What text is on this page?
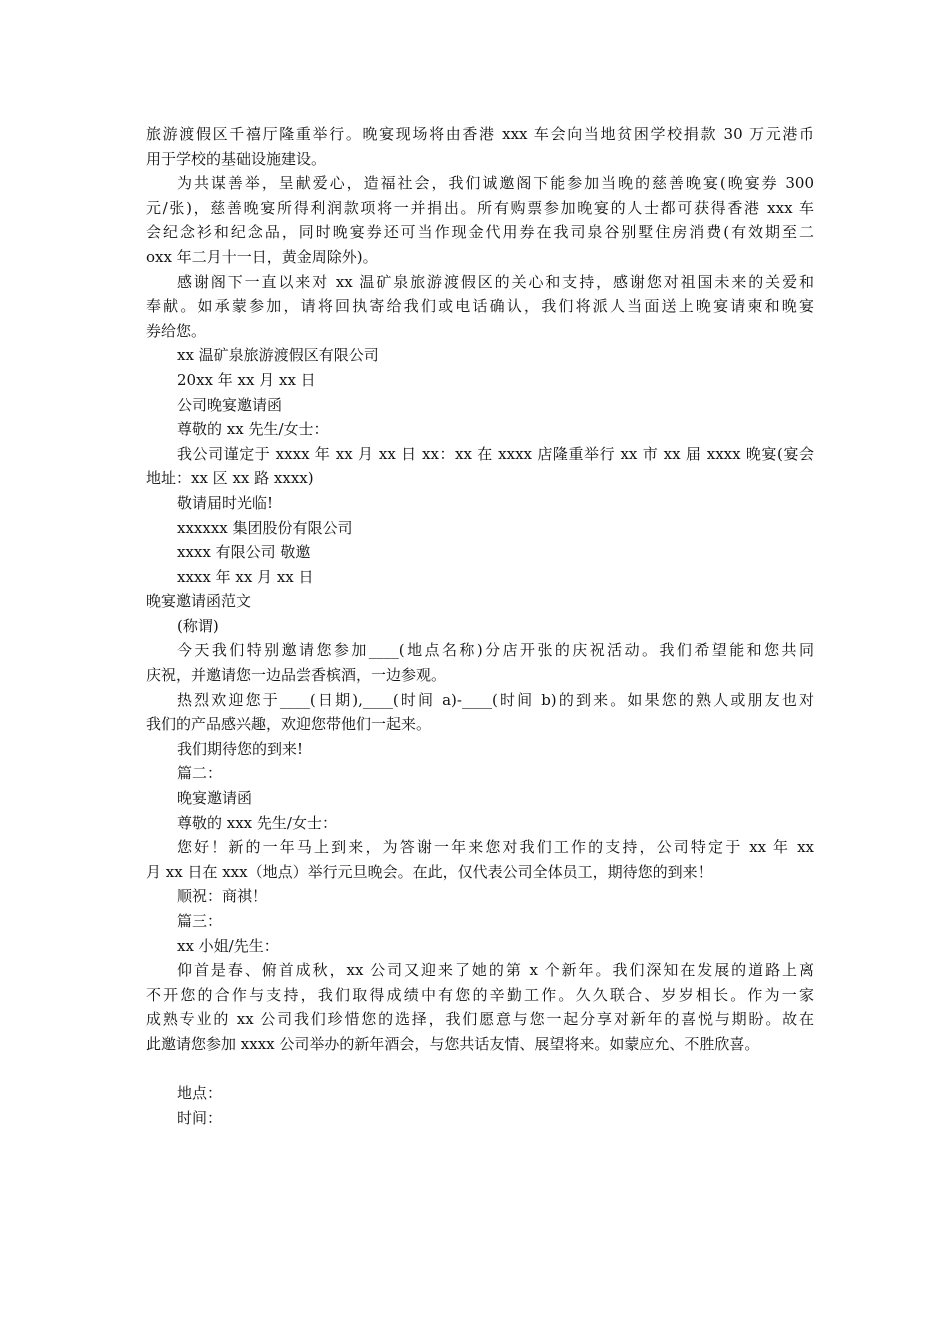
旅游渡假区千禧厅隆重举行。晚宴现场将由香港 xxx 车会向当地贫困学校捐款 30 万元港币
用于学校的基础设施建设。
为共谋善举，呈献爱心，造福社会，我们诚邀阁下能参加当晚的慈善晚宴(晚宴券 300
元/张)，慈善晚宴所得利润款项将一并捐出。所有购票参加晚宴的人士都可获得香港 xxx 车
会纪念衫和纪念品，同时晚宴券还可当作现金代用券在我司泉谷别墅住房消费(有效期至二
oxx 年二月十一日，黄金周除外)。
感谢阁下一直以来对 xx 温矿泉旅游渡假区的关心和支持，感谢您对祖国未来的关爱和
奉献。如承蒙参加，请将回执寄给我们或电话确认，我们将派人当面送上晚宴请柬和晚宴
券给您。
xx 温矿泉旅游渡假区有限公司
20xx 年 xx 月 xx 日
公司晚宴邀请函
尊敬的 xx 先生/女士：
我公司谨定于 xxxx 年 xx 月 xx 日 xx：xx 在 xxxx 店隆重举行 xx 市 xx 届 xxxx 晚宴(宴会
地址：xx 区 xx 路 xxxx)
敬请届时光临!
xxxxxx 集团股份有限公司
xxxx 有限公司 敬邀
xxxx 年 xx 月 xx 日
晚宴邀请函范文
(称谓)
今天我们特别邀请您参加____(地点名称)分店开张的庆祝活动。我们希望能和您共同
庆祝，并邀请您一边品尝香槟酒，一边参观。
热烈欢迎您于____(日期),____(时间 a)-____(时间 b)的到来。如果您的熟人或朋友也对
我们的产品感兴趣，欢迎您带他们一起来。
我们期待您的到来!
篇二：
晚宴邀请函
尊敬的 xxx 先生/女士：
您好！新的一年马上到来，为答谢一年来您对我们工作的支持，公司特定于 xx 年 xx
月 xx 日在 xxx（地点）举行元旦晚会。在此，仅代表公司全体员工，期待您的到来！
顺祝：商祺！
篇三：
xx 小姐/先生：
仰首是春、俯首成秋，xx 公司又迎来了她的第 x 个新年。我们深知在发展的道路上离
不开您的合作与支持，我们取得成绩中有您的辛勤工作。久久联合、岁岁相长。作为一家
成熟专业的 xx 公司我们珍惜您的选择，我们愿意与您一起分享对新年的喜悦与期盼。故在
此邀请您参加 xxxx 公司举办的新年酒会，与您共话友情、展望将来。如蒙应允、不胜欣喜。
地点：
时间：
